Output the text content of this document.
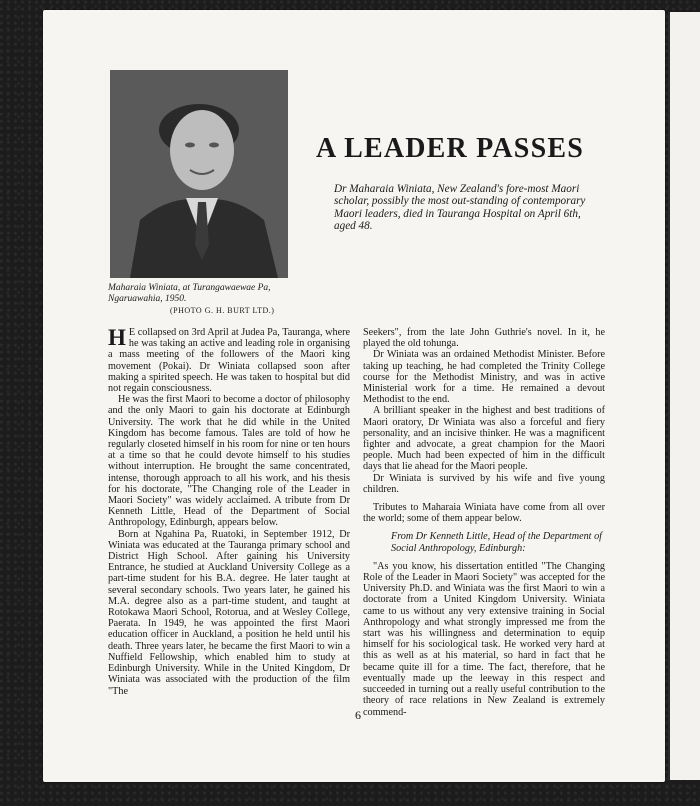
Maharaia Winiata, at Turangawaewae Pa, Ngaruawahia, 1950.
(PHOTO G. H. BURT LTD.)
A LEADER PASSES
Dr Maharaia Winiata, New Zealand's fore-most Maori scholar, possibly the most out-standing of contemporary Maori leaders, died in Tauranga Hospital on April 6th, aged 48.

H E collapsed on 3rd April at Judea Pa, Tauranga, where he was taking an active and leading role in organising a mass meeting of the followers of the Maori king movement (Pokai). Dr Winiata collapsed soon after making a spirited speech. He was taken to hospital but did not regain consciousness.

He was the first Maori to become a doctor of philosophy and the only Maori to gain his doctorate at Edinburgh University. The work that he did while in the United Kingdom has become famous. Tales are told of how he regularly closeted himself in his room for nine or ten hours at a time so that he could devote himself to his studies without interruption. He brought the same concentrated, intense, thorough approach to all his work, and his thesis for his doctorate, "The Changing role of the Leader in Maori Society" was widely acclaimed. A tribute from Dr Kenneth Little, Head of the Department of Social Anthropology, Edinburgh, appears below.

Born at Ngahina Pa, Ruatoki, in September 1912, Dr Winiata was educated at the Tauranga primary school and District High School. After gaining his University Entrance, he studied at Auckland University College as a part-time student for his B.A. degree. He later taught at several secondary schools. Two years later, he gained his M.A. degree also as a part-time student, and taught at Rotokawa Maori School, Rotorua, and at Wesley College, Paerata. In 1949, he was appointed the first Maori education officer in Auckland, a position he held until his death. Three years later, he became the first Maori to win a Nuffield Fellowship, which enabled him to study at Edinburgh University. While in the United Kingdom, Dr Winiata was associated with the production of the film "The

Seekers", from the late John Guthrie's novel. In it, he played the old tohunga.

Dr Winiata was an ordained Methodist Minister. Before taking up teaching, he had completed the Trinity College course for the Methodist Ministry, and was in active Ministerial work for a time. He remained a devout Methodist to the end.

A brilliant speaker in the highest and best traditions of Maori oratory, Dr Winiata was also a forceful and fiery personality, and an incisive thinker. He was a magnificent fighter and advocate, a great champion for the Maori people. Much had been expected of him in the difficult days that lie ahead for the Maori people.

Dr Winiata is survived by his wife and five young children.

Tributes to Maharaia Winiata have come from all over the world; some of them appear below.

From Dr Kenneth Little, Head of the Department of Social Anthropology, Edinburgh:

"As you know, his dissertation entitled "The Changing Role of the Leader in Maori Society" was accepted for the University Ph.D. and Winiata was the first Maori to win a doctorate from a United Kingdom University. Winiata came to us without any very extensive training in Social Anthropology and what strongly impressed me from the start was his willingness and determination to equip himself for his sociological task. He worked very hard at this as well as at his material, so hard in fact that he became quite ill for a time. The fact, therefore, that he eventually made up the leeway in this respect and succeeded in turning out a really useful contribution to the theory of race relations in New Zealand is extremely commend-

6
